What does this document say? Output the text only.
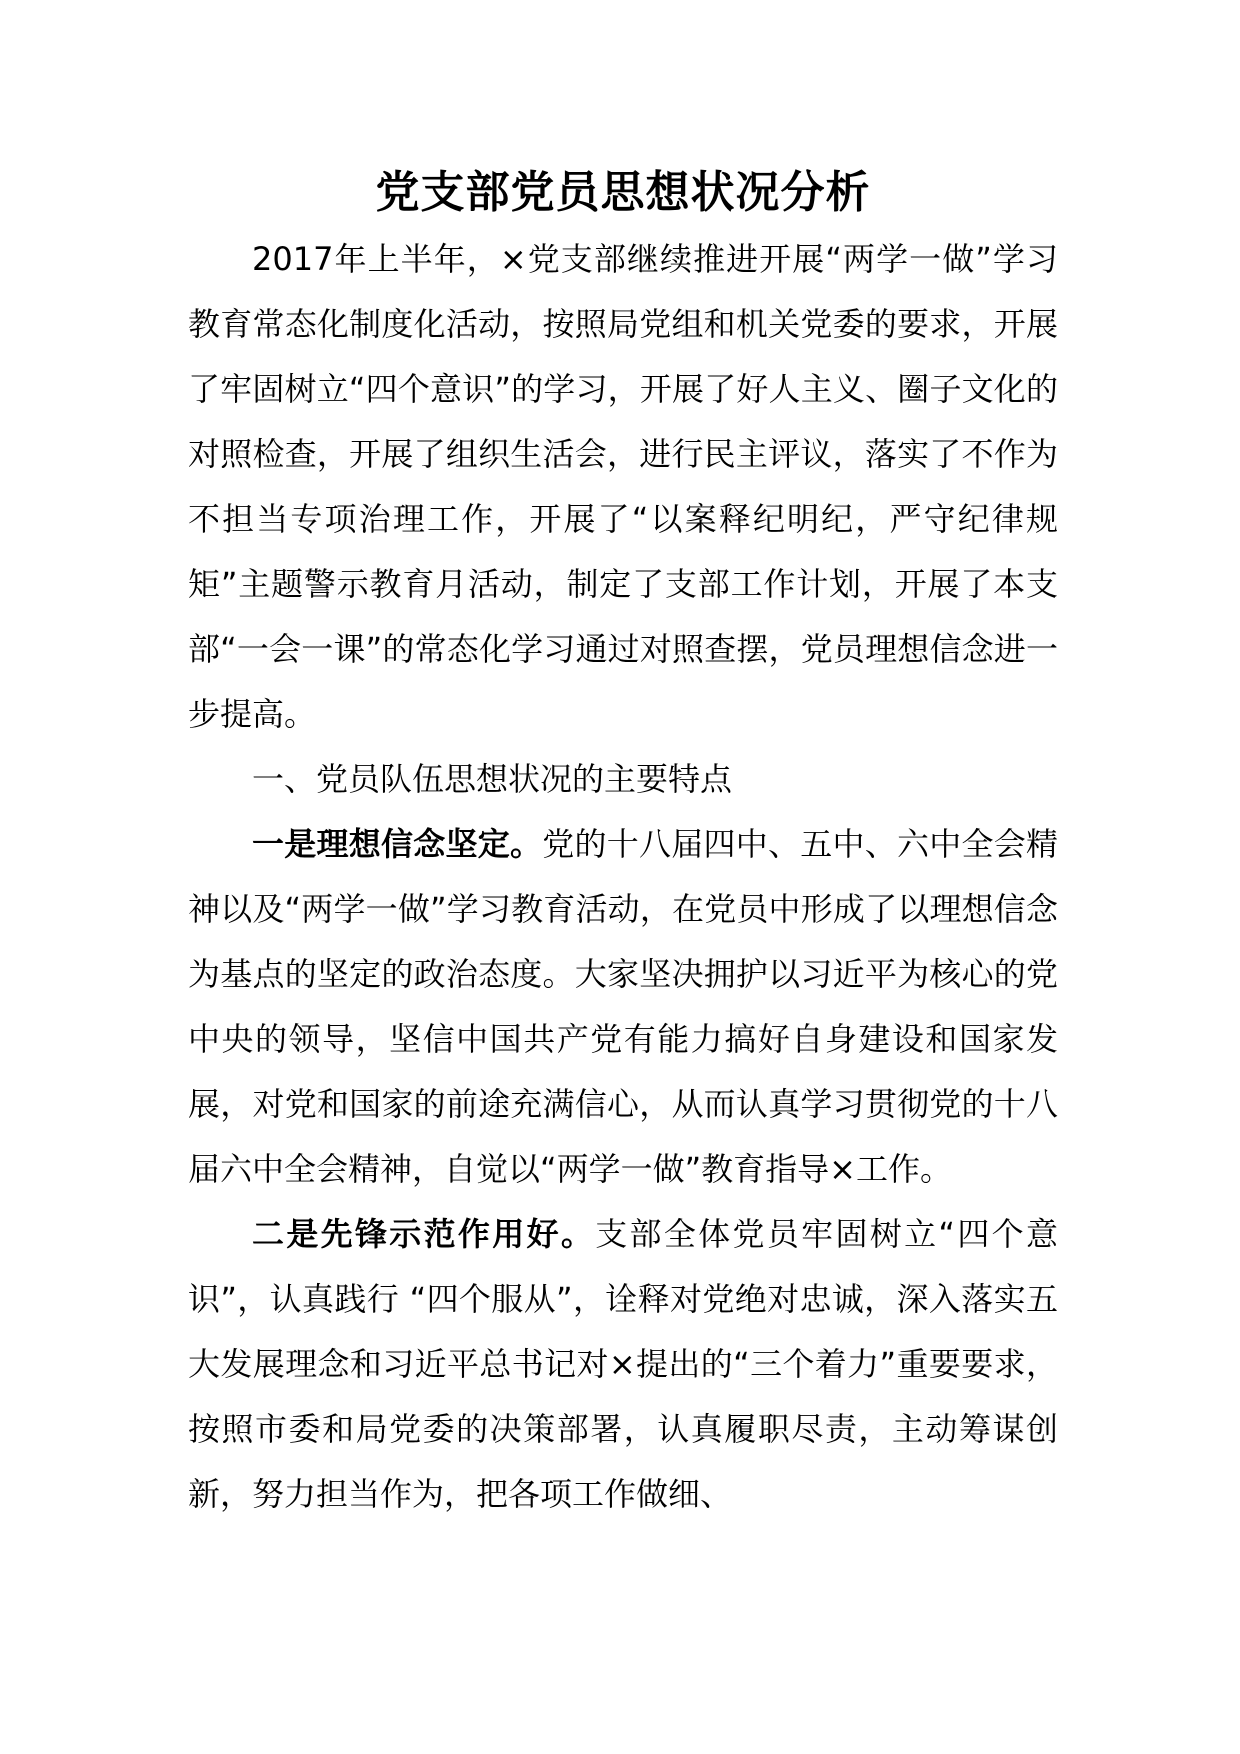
党支部党员思想状况分析

2017年上半年，×党支部继续推进开展“两学一做”学习教育常态化制度化活动，按照局党组和机关党委的要求，开展了牢固树立“四个意识”的学习，开展了好人主义、圈子文化的对照检查，开展了组织生活会，进行民主评议，落实了不作为不担当专项治理工作，开展了“以案释纪明纪，严守纪律规矩”主题警示教育月活动，制定了支部工作计划，开展了本支部“一会一课”的常态化学习通过对照查摆，党员理想信念进一步提高。

一、党员队伍思想状况的主要特点

一是理想信念坚定。党的十八届四中、五中、六中全会精神以及“两学一做”学习教育活动，在党员中形成了以理想信念为基点的坚定的政治态度。大家坚决拥护以习近平为核心的党中央的领导，坚信中国共产党有能力搞好自身建设和国家发展，对党和国家的前途充满信心，从而认真学习贯彻党的十八届六中全会精神，自觉以“两学一做”教育指导×工作。

二是先锋示范作用好。支部全体党员牢固树立“四个意识”，认真践行 “四个服从”，诠释对党绝对忠诚，深入落实五大发展理念和习近平总书记对×提出的“三个着力”重要要求，按照市委和局党委的决策部署，认真履职尽责，主动筹谋创新，努力担当作为，把各项工作做细、
